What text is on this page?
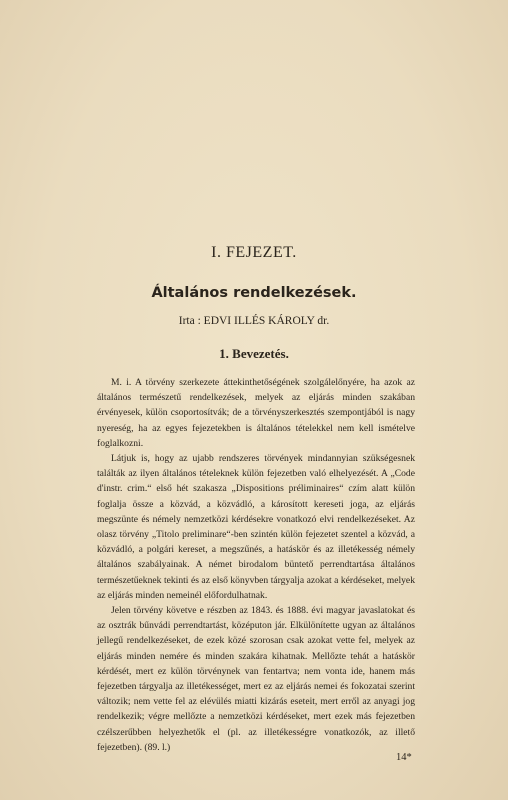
I. FEJEZET.
Általános rendelkezések.

Irta : EDVI ILLÉS KÁROLY dr.

1. Bevezetés.

M. i. A törvény szerkezete áttekinthetőségének szolgálelőnyére, ha azok az általános természetű rendelkezések, melyek az eljárás minden szakában érvényesek, külön csoportosítvák; de a törvényszerkesztés szempontjából is nagy nyereség, ha az egyes fejezetekben is általános tételekkel nem kell ismételve foglalkozni.

Látjuk is, hogy az ujabb rendszeres törvények mindannyian szükségesnek találták az ilyen általános tételeknek külön fejezetben való elhelyezését. A „Code d'instr. crim.“ első hét szakasza „Dispositions préliminaires“ czím alatt külön foglalja össze a közvád, a közvádló, a károsított kereseti joga, az eljárás megszünte és némely nemzetközi kérdésekre vonatkozó elvi rendelkezéseket. Az olasz törvény „Titolo preliminare“-ben szintén külön fejezetet szentel a közvád, a közvádló, a polgári kereset, a megszűnés, a hatáskör és az illetékesség némely általános szabályainak. A német birodalom büntető perrendtartása általános természetűeknek tekinti és az első könyvben tárgyalja azokat a kérdéseket, melyek az eljárás minden nemeinél előfordulhatnak.

Jelen törvény követve e részben az 1843. és 1888. évi magyar javaslatokat és az osztrák bűnvádi perrendtartást, középuton jár. Elkülönítette ugyan az általános jellegű rendelkezéseket, de ezek közé szorosan csak azokat vette fel, melyek az eljárás minden nemére és minden szakára kihatnak. Mellőzte tehát a hatáskör kérdését, mert ez külön törvénynek van fentartva; nem vonta ide, hanem más fejezetben tárgyalja az illetékességet, mert ez az eljárás nemei és fokozatai szerint változik; nem vette fel az elévülés miatti kizárás eseteit, mert erről az anyagi jog rendelkezik; végre mellőzte a nemzetközi kérdéseket, mert ezek más fejezetben czélszerűbben helyezhetők el (pl. az illetékességre vonatkozók, az illető fejezetben). (89. l.)

14*
